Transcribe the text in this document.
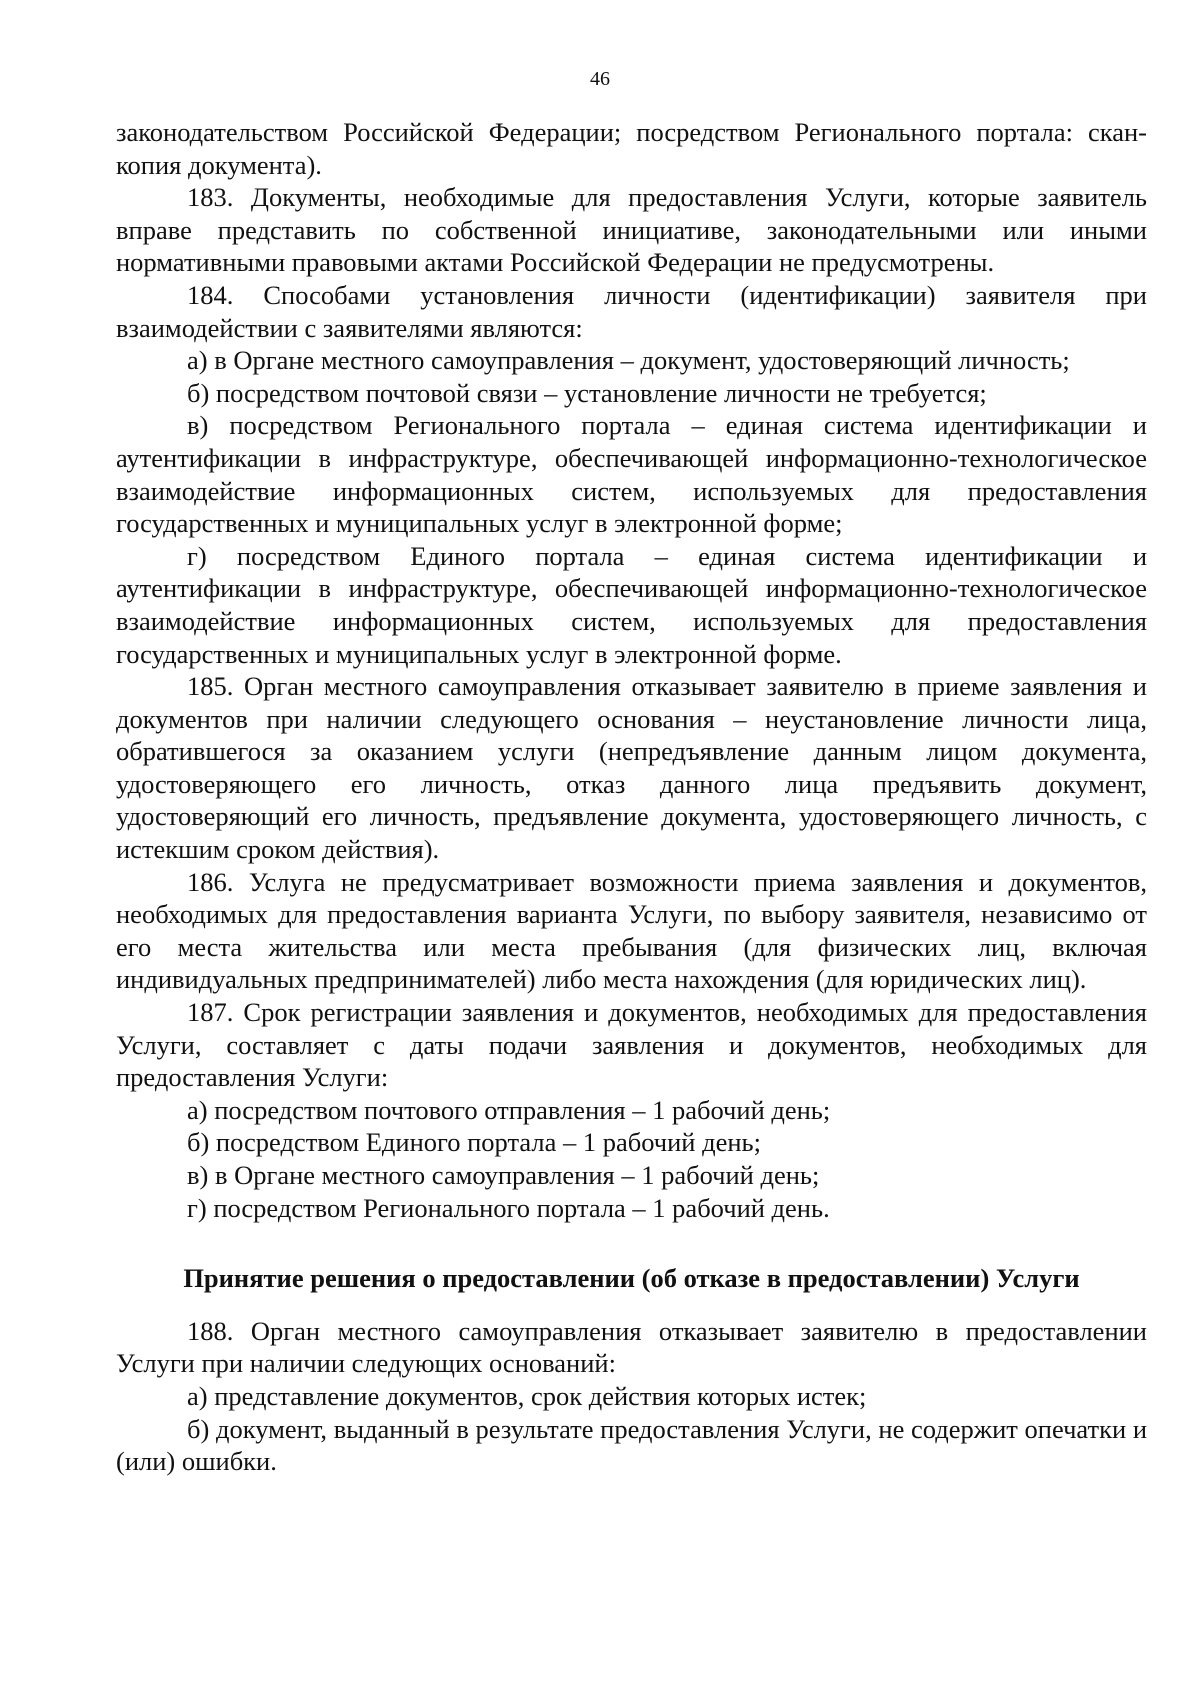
46

законодательством Российской Федерации; посредством Регионального портала: скан-копия документа).

183. Документы, необходимые для предоставления Услуги, которые заявитель вправе представить по собственной инициативе, законодательными или иными нормативными правовыми актами Российской Федерации не предусмотрены.

184. Способами установления личности (идентификации) заявителя при взаимодействии с заявителями являются:

а) в Органе местного самоуправления – документ, удостоверяющий личность;

б) посредством почтовой связи – установление личности не требуется;

в) посредством Регионального портала – единая система идентификации и аутентификации в инфраструктуре, обеспечивающей информационно-технологическое взаимодействие информационных систем, используемых для предоставления государственных и муниципальных услуг в электронной форме;

г) посредством Единого портала – единая система идентификации и аутентификации в инфраструктуре, обеспечивающей информационно-технологическое взаимодействие информационных систем, используемых для предоставления государственных и муниципальных услуг в электронной форме.

185. Орган местного самоуправления отказывает заявителю в приеме заявления и документов при наличии следующего основания – неустановление личности лица, обратившегося за оказанием услуги (непредъявление данным лицом документа, удостоверяющего его личность, отказ данного лица предъявить документ, удостоверяющий его личность, предъявление документа, удостоверяющего личность, с истекшим сроком действия).

186. Услуга не предусматривает возможности приема заявления и документов, необходимых для предоставления варианта Услуги, по выбору заявителя, независимо от его места жительства или места пребывания (для физических лиц, включая индивидуальных предпринимателей) либо места нахождения (для юридических лиц).

187. Срок регистрации заявления и документов, необходимых для предоставления Услуги, составляет с даты подачи заявления и документов, необходимых для предоставления Услуги:

а) посредством почтового отправления – 1 рабочий день;

б) посредством Единого портала – 1 рабочий день;

в) в Органе местного самоуправления – 1 рабочий день;

г) посредством Регионального портала – 1 рабочий день.

Принятие решения о предоставлении (об отказе в предоставлении) Услуги

188. Орган местного самоуправления отказывает заявителю в предоставлении Услуги при наличии следующих оснований:

а) представление документов, срок действия которых истек;

б) документ, выданный в результате предоставления Услуги, не содержит опечатки и (или) ошибки.
